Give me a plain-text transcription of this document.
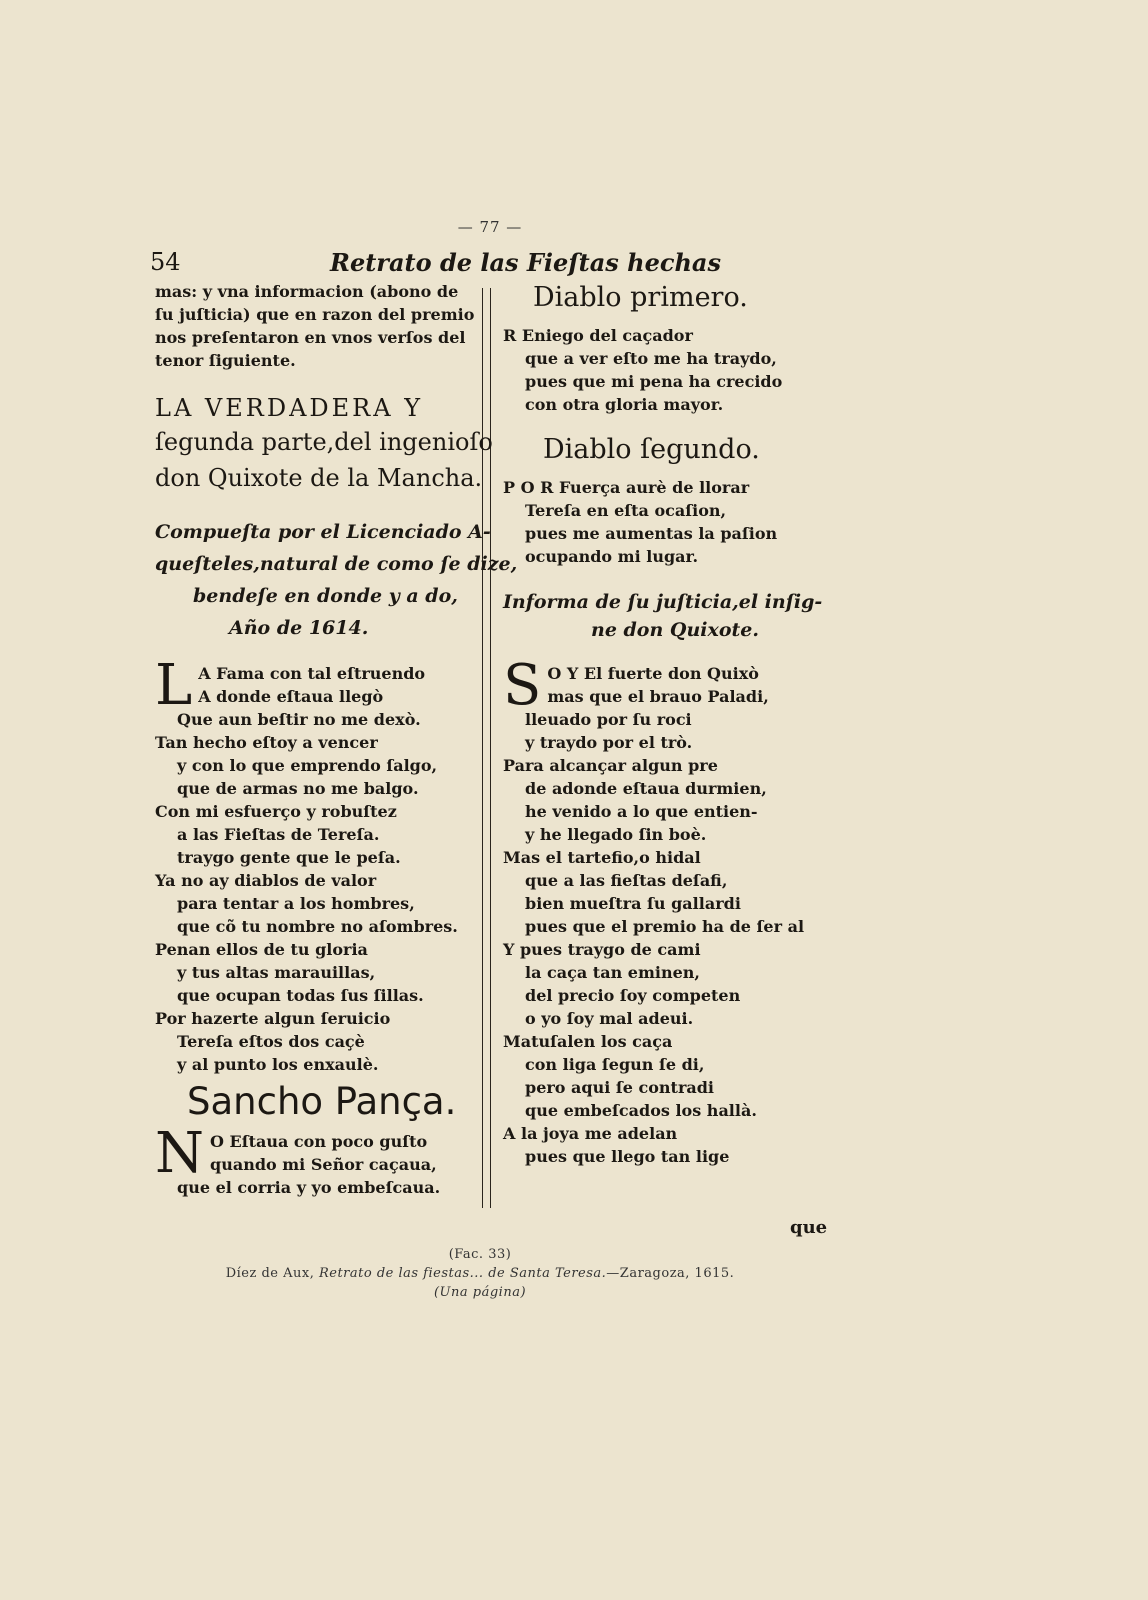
— 77 —
54	Retrato de las Fieſtas hechas
mas: y vna informacion (abono de
ſu juſticia) que en razon del premio
nos preſentaron en vnos verſos del
tenor ſiguiente.
LA VERDADERA Y
ſegunda parte,del ingenioſo
don Quixote de la Mancha.
Compueſta por el Licenciado A-
queſteles,natural de como ſe dize,
bendeſe en donde y a do,
Año de 1614.
L A Fama con tal eſtruendo
A donde eſtaua llegò
Que aun beſtir no me dexò.
Tan hecho eſtoy a vencer
y con lo que emprendo ſalgo,
que de armas no me balgo.
Con mi esfuerço y robuſtez
a las Fieſtas de Tereſa.
traygo gente que le peſa.
Ya no ay diablos de valor
para tentar a los hombres,
que cõ tu nombre no aſombres.
Penan ellos de tu gloria
y tus altas marauillas,
que ocupan todas ſus ſillas.
Por hazerte algun ſeruicio
Tereſa eſtos dos caçè
y al punto los enxaulè.
Sancho Pança.
N O Eſtaua con poco guſto
quando mi Señor caçaua,
que el corria y yo embeſcaua.
Diablo primero.
R Eniego del caçador
que a ver eſto me ha traydo,
pues que mi pena ha crecido
con otra gloria mayor.
Diablo ſegundo.
P O R Fuerça aurè de llorar
Tereſa en eſta ocaſion,
pues me aumentas la paſion
ocupando mi lugar.
Informa de ſu juſticia,el inſig-
ne don Quixote.
S O Y El fuerte don Quixò
mas que el brauo Paladi,
lleuado por ſu roci
y traydo por el trò.
Para alcançar algun pre
de adonde eſtaua durmien,
he venido a lo que entien-
y he llegado ſin boè.
Mas el tartefio,o hidal
que a las fieſtas deſafi,
bien mueſtra ſu gallardi
pues que el premio ha de ſer al
Y pues traygo de cami
la caça tan eminen,
del precio ſoy competen
o yo ſoy mal adeui.
Matuſalen los caça
con liga ſegun ſe di,
pero aqui ſe contradi
que embeſcados los hallà.
A la joya me adelan
pues que llego tan lige
que
(Fac. 33)
Díez de Aux, Retrato de las fiestas... de Santa Teresa.—Zaragoza, 1615.
(Una página)
